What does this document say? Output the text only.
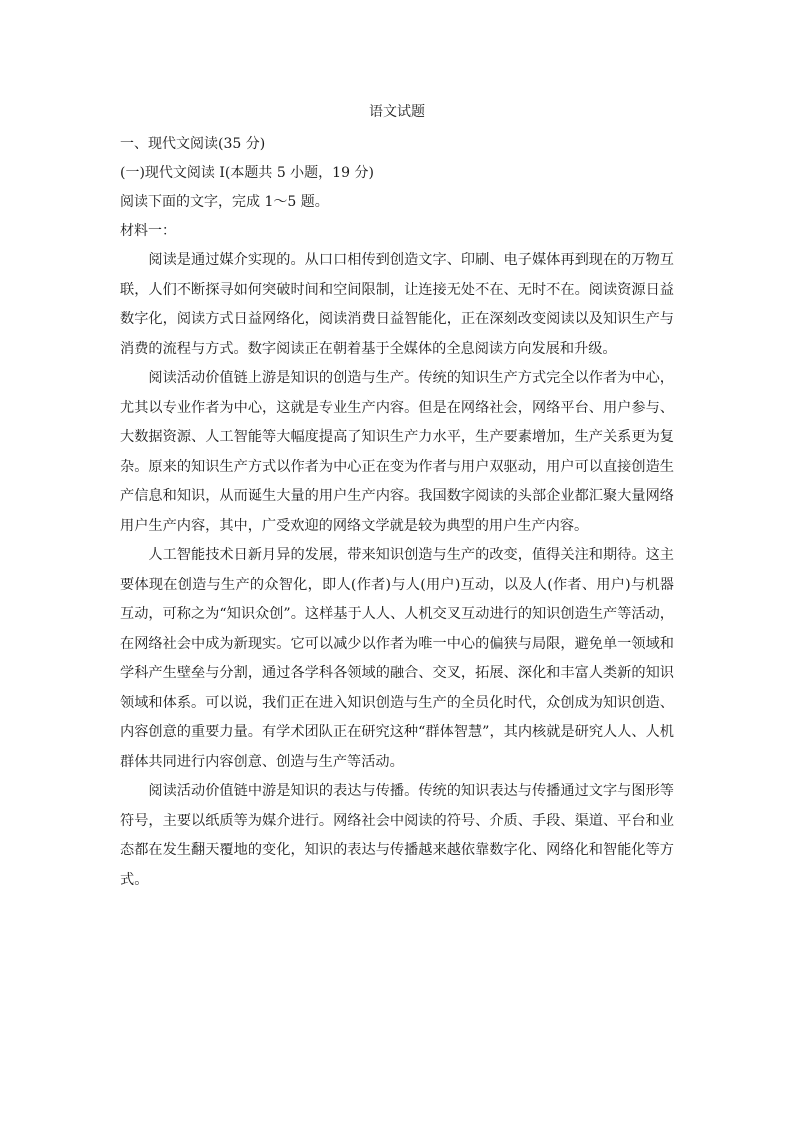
语文试题
一、现代文阅读(35 分)
(一)现代文阅读 I(本题共 5 小题，19 分)
阅读下面的文字，完成 1～5 题。
材料一：

阅读是通过媒介实现的。从口口相传到创造文字、印刷、电子媒体再到现在的万物互联，人们不断探寻如何突破时间和空间限制，让连接无处不在、无时不在。阅读资源日益数字化，阅读方式日益网络化，阅读消费日益智能化，正在深刻改变阅读以及知识生产与消费的流程与方式。数字阅读正在朝着基于全媒体的全息阅读方向发展和升级。

阅读活动价值链上游是知识的创造与生产。传统的知识生产方式完全以作者为中心，尤其以专业作者为中心，这就是专业生产内容。但是在网络社会，网络平台、用户参与、大数据资源、人工智能等大幅度提高了知识生产力水平，生产要素增加，生产关系更为复杂。原来的知识生产方式以作者为中心正在变为作者与用户双驱动，用户可以直接创造生产信息和知识，从而诞生大量的用户生产内容。我国数字阅读的头部企业都汇聚大量网络用户生产内容，其中，广受欢迎的网络文学就是较为典型的用户生产内容。

人工智能技术日新月异的发展，带来知识创造与生产的改变，值得关注和期待。这主要体现在创造与生产的众智化，即人(作者)与人(用户)互动，以及人(作者、用户)与机器互动，可称之为“知识众创”。这样基于人人、人机交叉互动进行的知识创造生产等活动，在网络社会中成为新现实。它可以减少以作者为唯一中心的偏狭与局限，避免单一领域和学科产生壁垒与分割，通过各学科各领域的融合、交叉，拓展、深化和丰富人类新的知识领域和体系。可以说，我们正在进入知识创造与生产的全员化时代，众创成为知识创造、内容创意的重要力量。有学术团队正在研究这种“群体智慧”，其内核就是研究人人、人机群体共同进行内容创意、创造与生产等活动。

阅读活动价值链中游是知识的表达与传播。传统的知识表达与传播通过文字与图形等符号，主要以纸质等为媒介进行。网络社会中阅读的符号、介质、手段、渠道、平台和业态都在发生翻天覆地的变化，知识的表达与传播越来越依靠数字化、网络化和智能化等方式。
